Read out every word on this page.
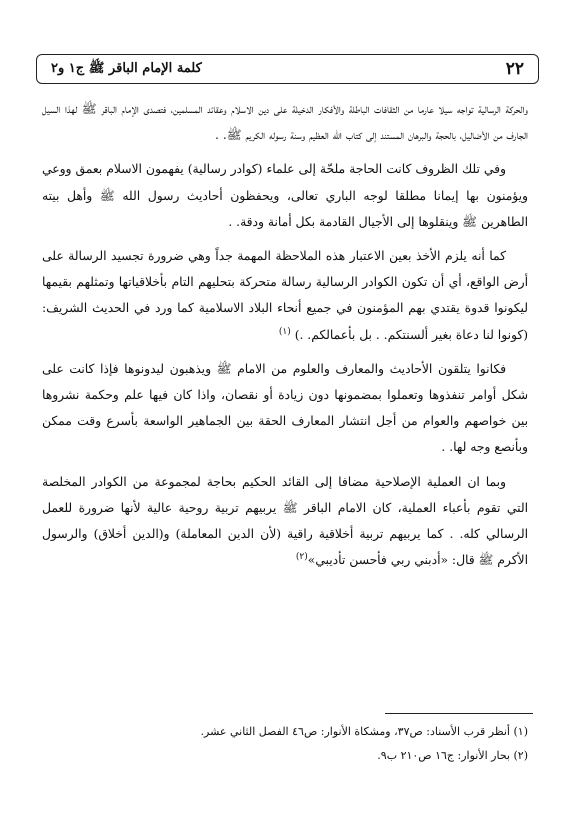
٢٢
كلمة الإمام الباقر ﷺ ج١ و٢

والحركة الرسالية تواجه سيلا عارما من الثقافات الباطلة والأفكار الدخيلة على دين الاسلام وعقائد المسلمين، فتصدى الإمام الباقر ﷺ لهذا السيل الجارف من الأضاليل، بالحجة والبرهان المستند إلى كتاب الله العظيم وسنة رسوله الكريم ﷺ. .

وفي تلك الظروف كانت الحاجة ملحّة إلى علماء (كوادر رسالية) يفهمون الاسلام بعمق ووعي ويؤمنون بها إيمانا مطلقا لوجه الباري تعالى، ويحفظون أحاديث رسول الله ﷺ وأهل بيته الطاهرين ﷺ وينقلوها إلى الأجيال القادمة بكل أمانة ودقة. .

كما أنه يلزم الأخذ بعين الاعتبار هذه الملاحظة المهمة جداً وهي ضرورة تجسيد الرسالة على أرض الواقع، أي أن تكون الكوادر الرسالية رسالة متحركة بتحليهم التام بأخلاقياتها وتمثلهم بقيمها ليكونوا قدوة يقتدي بهم المؤمنون في جميع أنحاء البلاد الاسلامية كما ورد في الحديث الشريف: (كونوا لنا دعاة بغير ألسنتكم. . بل بأعمالكم. .) $^{(١)}$

فكانوا يتلقون الأحاديث والمعارف والعلوم من الامام ﷺ ويذهبون ليدونوها فإذا كانت على شكل أوامر تنفذوها وتعملوا بمضمونها دون زيادة أو نقصان، واذا كان فيها علم وحكمة نشروها بين خواصهم والعوام من أجل انتشار المعارف الحقة بين الجماهير الواسعة بأسرع وقت ممكن وبأنصع وجه لها. .

وبما ان العملية الإصلاحية مضافا إلى القائد الحكيم بحاجة لمجموعة من الكوادر المخلصة التي تقوم بأعباء العملية، كان الامام الباقر ﷺ يربيهم تربية روحية عالية لأنها ضرورة للعمل الرسالي كله. . كما يربيهم تربية أخلاقية راقية (لأن الدين المعاملة) و(الدين أخلاق) والرسول الأكرم ﷺ قال: «أدبني ربي فأحسن تأديبي»$^{(٢)}$

(١) أنظر قرب الأسناد: ص٣٧، ومشكاة الأنوار: ص٤٦ الفصل الثاني عشر.
(٢) بحار الأنوار: ج١٦ ص٢١٠ ب٩.
